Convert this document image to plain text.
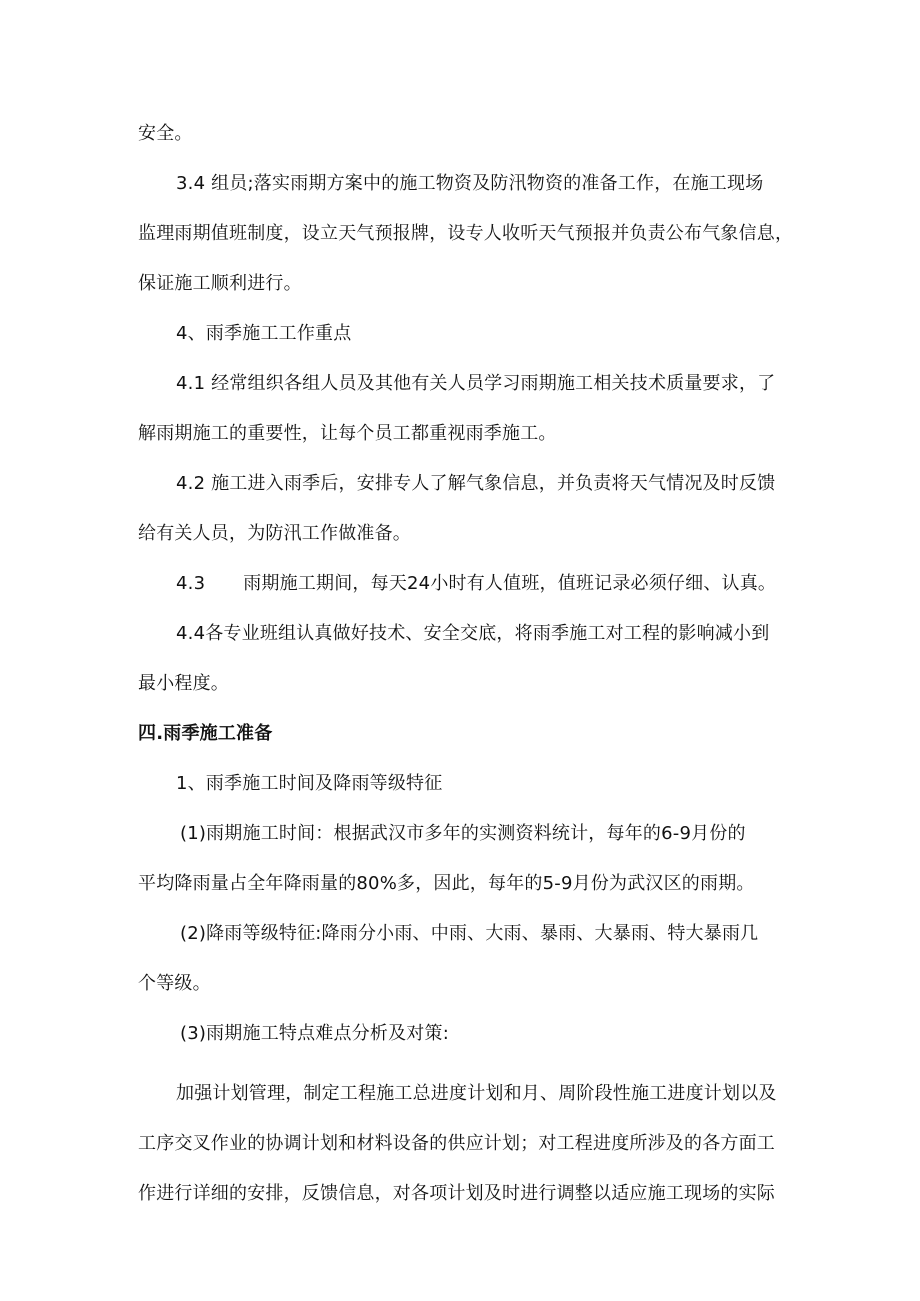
安全。
3.4 组员;落实雨期方案中的施工物资及防汛物资的准备工作，在施工现场
监理雨期值班制度，设立天气预报牌，设专人收听天气预报并负责公布气象信息，
保证施工顺利进行。
4、雨季施工工作重点
4.1 经常组织各组人员及其他有关人员学习雨期施工相关技术质量要求，了
解雨期施工的重要性，让每个员工都重视雨季施工。
4.2 施工进入雨季后，安排专人了解气象信息，并负责将天气情况及时反馈
给有关人员，为防汛工作做准备。
4.3 雨期施工期间，每天24小时有人值班，值班记录必须仔细、认真。
4.4各专业班组认真做好技术、安全交底，将雨季施工对工程的影响减小到
最小程度。
四.雨季施工准备
1、雨季施工时间及降雨等级特征
(1)雨期施工时间：根据武汉市多年的实测资料统计，每年的6-9月份的
平均降雨量占全年降雨量的80%多，因此，每年的5-9月份为武汉区的雨期。
(2)降雨等级特征:降雨分小雨、中雨、大雨、暴雨、大暴雨、特大暴雨几
个等级。
(3)雨期施工特点难点分析及对策:
加强计划管理，制定工程施工总进度计划和月、周阶段性施工进度计划以及
工序交叉作业的协调计划和材料设备的供应计划；对工程进度所涉及的各方面工
作进行详细的安排，反馈信息，对各项计划及时进行调整以适应施工现场的实际
